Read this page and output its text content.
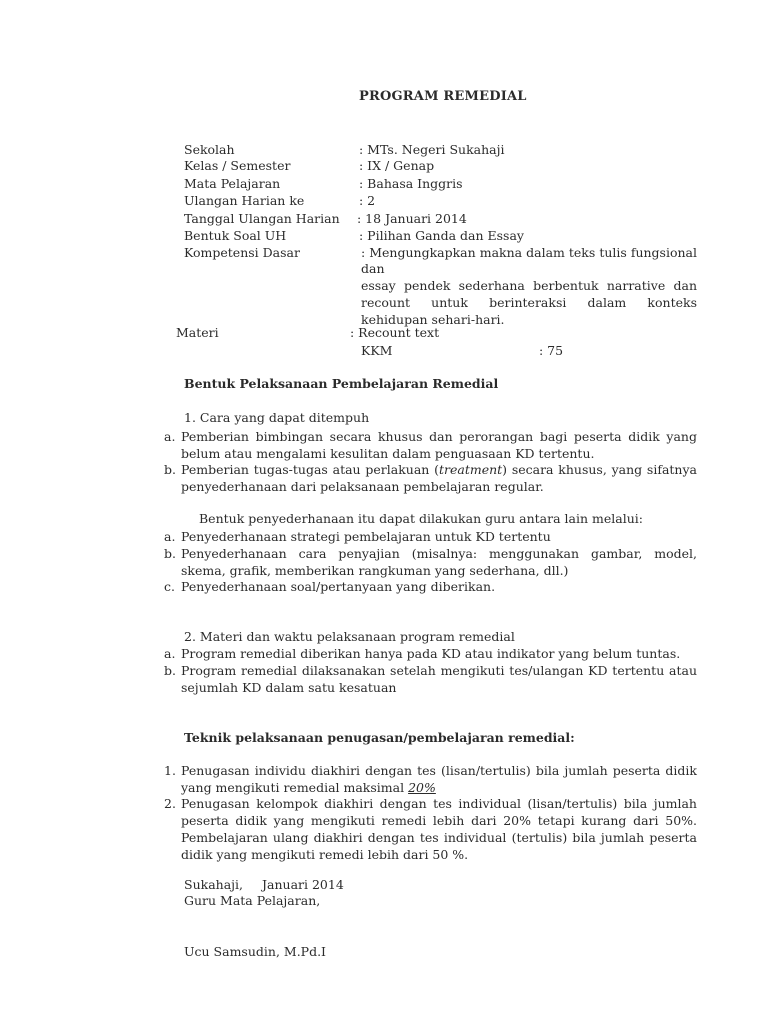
PROGRAM REMEDIAL
Sekolah	: MTs. Negeri Sukahaji
Kelas / Semester	: IX / Genap
Mata Pelajaran	: Bahasa Inggris
Ulangan Harian ke	: 2
Tanggal Ulangan Harian : 18 Januari 2014
Bentuk Soal UH	: Pilihan Ganda dan Essay
Kompetensi Dasar	: Mengungkapkan makna dalam teks tulis fungsional
dan
essay pendek sederhana berbentuk narrative dan recount untuk berinteraksi dalam konteks kehidupan sehari-hari.
Materi	: Recount text
KKM	: 75
Bentuk Pelaksanaan Pembelajaran Remedial
1. Cara yang dapat ditempuh
a. Pemberian bimbingan secara khusus dan perorangan bagi peserta didik yang belum atau mengalami kesulitan dalam penguasaan KD tertentu.
b. Pemberian tugas-tugas atau perlakuan (treatment) secara khusus, yang sifatnya penyederhanaan dari pelaksanaan pembelajaran regular.
Bentuk penyederhanaan itu dapat dilakukan guru antara lain melalui:
a. Penyederhanaan strategi pembelajaran untuk KD tertentu
b. Penyederhanaan cara penyajian (misalnya: menggunakan gambar, model, skema, grafik, memberikan rangkuman yang sederhana, dll.)
c. Penyederhanaan soal/pertanyaan yang diberikan.
2. Materi dan waktu pelaksanaan program remedial
a. Program remedial diberikan hanya pada KD atau indikator yang belum tuntas.
b. Program remedial dilaksanakan setelah mengikuti tes/ulangan KD tertentu atau sejumlah KD dalam satu kesatuan
Teknik pelaksanaan penugasan/pembelajaran remedial:
1. Penugasan individu diakhiri dengan tes (lisan/tertulis) bila jumlah peserta didik yang mengikuti remedial maksimal 20%
2. Penugasan kelompok diakhiri dengan tes individual (lisan/tertulis) bila jumlah peserta didik yang mengikuti remedi lebih dari 20% tetapi kurang dari 50%. Pembelajaran ulang diakhiri dengan tes individual (tertulis) bila jumlah peserta didik yang mengikuti remedi lebih dari 50 %.
Sukahaji, Januari 2014
Guru Mata Pelajaran,
Ucu Samsudin, M.Pd.I
